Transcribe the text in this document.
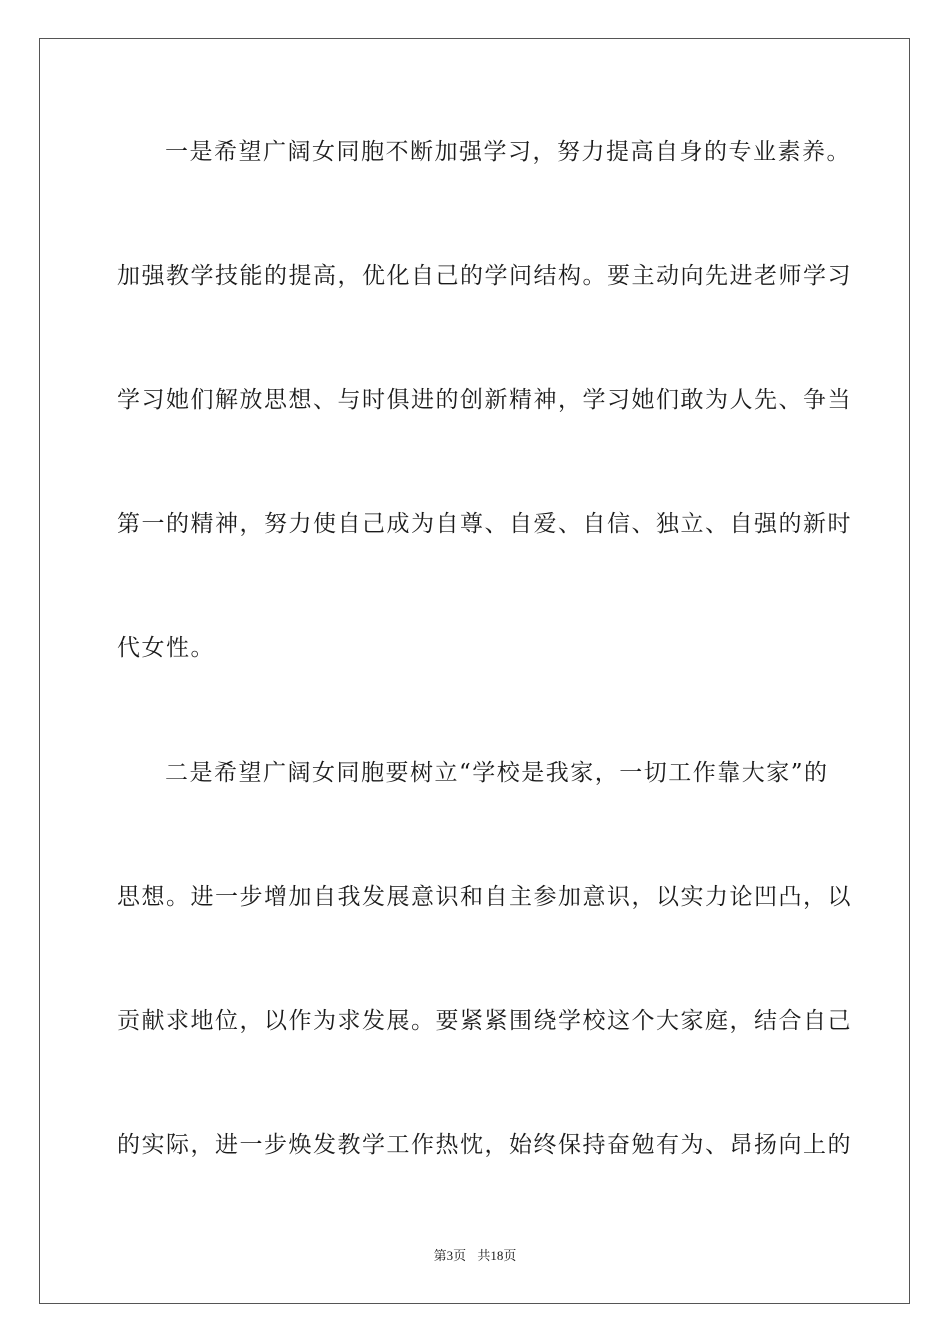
一是希望广阔女同胞不断加强学习，努力提高自身的专业素养。
加强教学技能的提高，优化自己的学问结构。要主动向先进老师学习
学习她们解放思想、与时俱进的创新精神，学习她们敢为人先、争当
第一的精神，努力使自己成为自尊、自爱、自信、独立、自强的新时
代女性。
二是希望广阔女同胞要树立“学校是我家，一切工作靠大家”的
思想。进一步增加自我发展意识和自主参加意识，以实力论凹凸，以
贡献求地位，以作为求发展。要紧紧围绕学校这个大家庭，结合自己
的实际，进一步焕发教学工作热忱，始终保持奋勉有为、昂扬向上的
第3页 共18页
